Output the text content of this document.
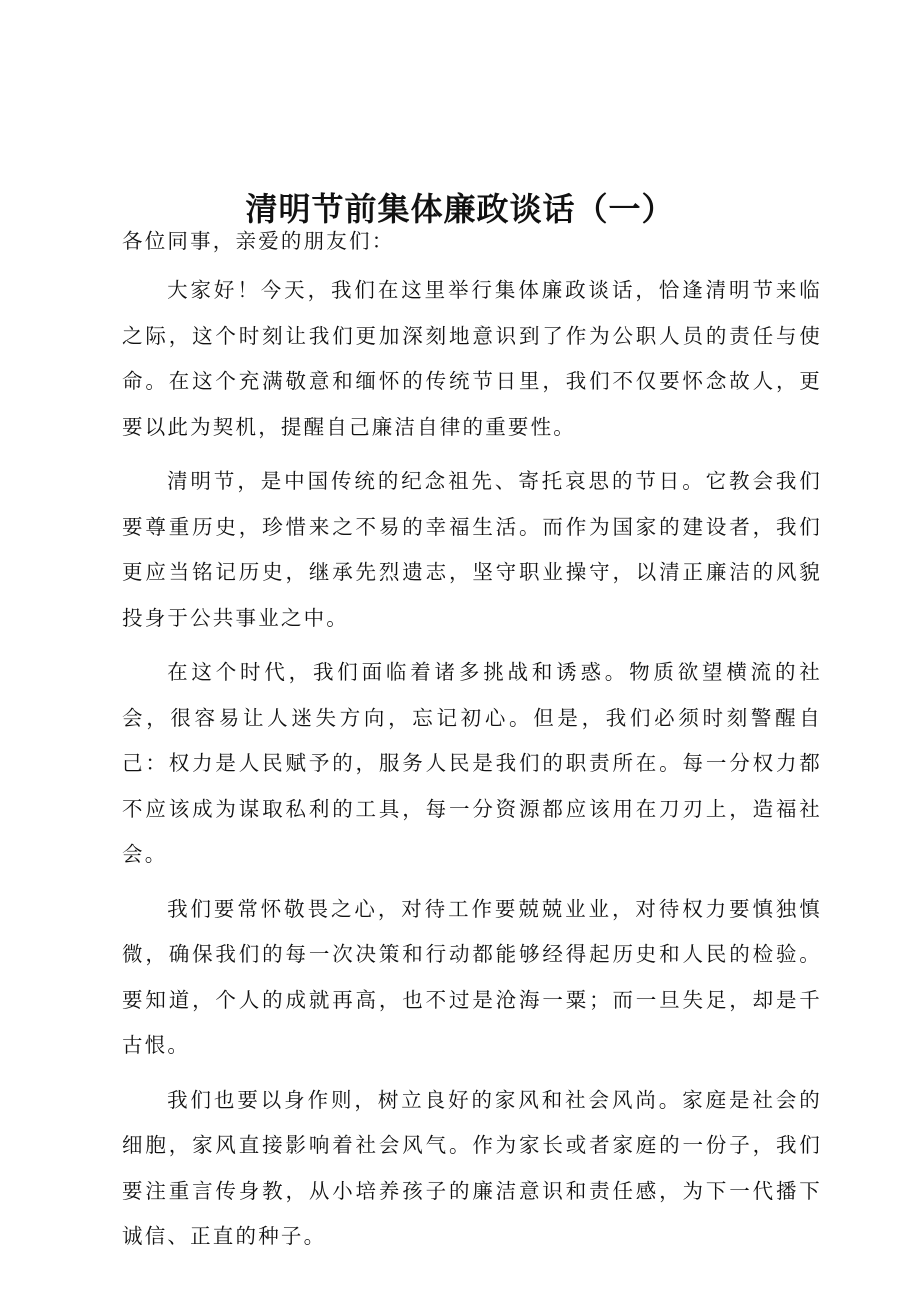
清明节前集体廉政谈话（一）

各位同事，亲爱的朋友们：

大家好！今天，我们在这里举行集体廉政谈话，恰逢清明节来临之际，这个时刻让我们更加深刻地意识到了作为公职人员的责任与使命。在这个充满敬意和缅怀的传统节日里，我们不仅要怀念故人，更要以此为契机，提醒自己廉洁自律的重要性。

清明节，是中国传统的纪念祖先、寄托哀思的节日。它教会我们要尊重历史，珍惜来之不易的幸福生活。而作为国家的建设者，我们更应当铭记历史，继承先烈遗志，坚守职业操守，以清正廉洁的风貌投身于公共事业之中。

在这个时代，我们面临着诸多挑战和诱惑。物质欲望横流的社会，很容易让人迷失方向，忘记初心。但是，我们必须时刻警醒自己：权力是人民赋予的，服务人民是我们的职责所在。每一分权力都不应该成为谋取私利的工具，每一分资源都应该用在刀刃上，造福社会。

我们要常怀敬畏之心，对待工作要兢兢业业，对待权力要慎独慎微，确保我们的每一次决策和行动都能够经得起历史和人民的检验。要知道，个人的成就再高，也不过是沧海一粟；而一旦失足，却是千古恨。

我们也要以身作则，树立良好的家风和社会风尚。家庭是社会的细胞，家风直接影响着社会风气。作为家长或者家庭的一份子，我们要注重言传身教，从小培养孩子的廉洁意识和责任感，为下一代播下诚信、正直的种子。
